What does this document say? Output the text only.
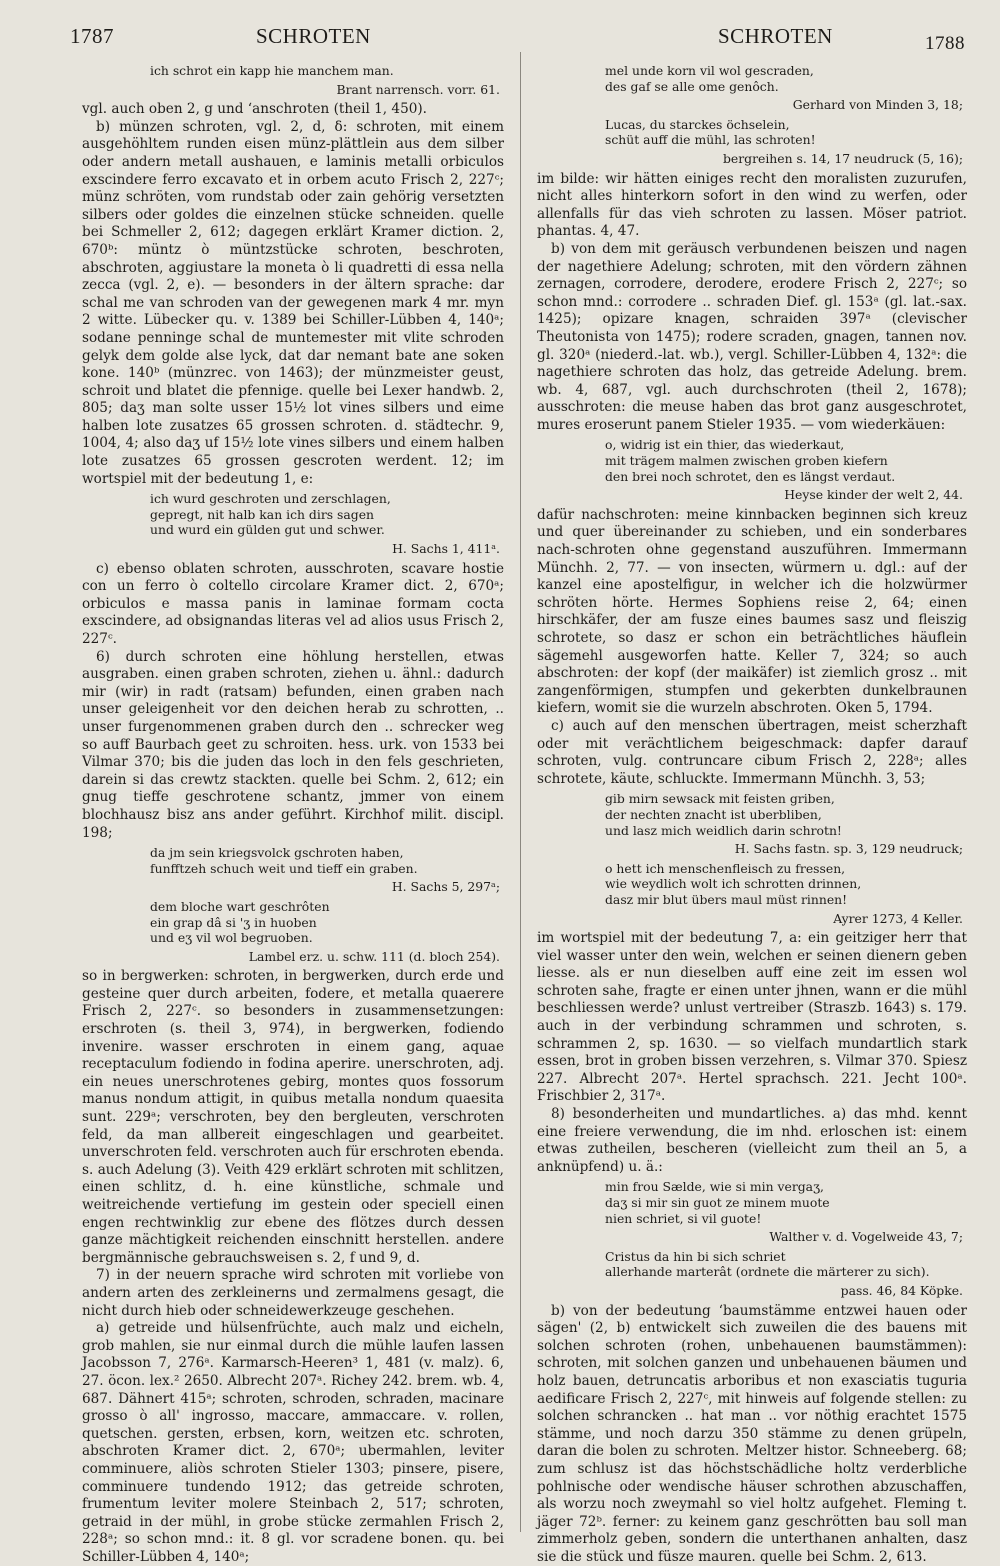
1787	SCHROTEN	SCHROTEN	1788
ich schrot ein kapp hie manchem man.
Brant narrensch. vorr. 61.

vgl. auch oben 2, g und ʻanschroten (theil 1, 450).

b) münzen schroten, vgl. 2, d, δ: schroten, mit einem ausgehöhltem runden eisen münz-plättlein aus dem silber oder andern metall aushauen, e laminis metalli orbiculos exscindere ferro excavato et in orbem acuto Frisch 2, 227ᶜ; münz schröten, vom rundstab oder zain gehörig versetzten silbers oder goldes die einzelnen stücke schneiden. quelle bei Schmeller 2, 612; dagegen erklärt Kramer diction. 2, 670ᵇ: müntz ò müntzstücke schroten, beschroten, abschroten, aggiustare la moneta ò li quadretti di essa nella zecca (vgl. 2, e). — besonders in der ältern sprache: dar schal me van schroden van der gewegenen mark 4 mr. myn 2 witte. Lübecker qu. v. 1389 bei Schiller-Lübben 4, 140ᵃ; sodane penninge schal de muntemester mit vlite schroden gelyk dem golde alse lyck, dat dar nemant bate ane soken kone. 140ᵇ (münzrec. von 1463); der münzmeister geust, schroit und blatet die pfennige. quelle bei Lexer handwb. 2, 805; daʒ man solte usser 15½ lot vines silbers und eime halben lote zusatzes 65 grossen schroten. d. städtechr. 9, 1004, 4; also daʒ uf 15½ lote vines silbers und einem halben lote zusatzes 65 grossen gescroten werdent. 12; im wortspiel mit der bedeutung 1, e:

ich wurd geschroten und zerschlagen,
gepregt, nit halb kan ich dirs sagen
und wurd ein gülden gut und schwer.
H. Sachs 1, 411ᵃ.

c) ebenso oblaten schroten, ausschroten, scavare hostie con un ferro ò coltello circolare Kramer dict. 2, 670ᵃ; orbiculos e massa panis in laminae formam cocta exscindere, ad obsignandas literas vel ad alios usus Frisch 2, 227ᶜ.

6) durch schroten eine höhlung herstellen, etwas ausgraben. einen graben schroten, ziehen u. ähnl.: dadurch mir (wir) in radt (ratsam) befunden, einen graben nach unser geleigenheit vor den deichen herab zu schrotten, .. unser furgenommenen graben durch den .. schrecker weg so auff Baurbach geet zu schroiten. hess. urk. von 1533 bei Vilmar 370; bis die juden das loch in den fels geschrieten, darein si das crewtz stackten. quelle bei Schm. 2, 612; ein gnug tieffe geschrotene schantz, jmmer von einem blochhausz bisz ans ander geführt. Kirchhof milit. discipl. 198;

da jm sein kriegsvolck gschroten haben,
funfftzeh schuch weit und tieff ein graben.
H. Sachs 5, 297ᵃ;
dem bloche wart geschrôten
ein grap dâ si 'ʒ in huoben
und eʒ vil wol begruoben.
Lambel erz. u. schw. 111 (d. bloch 254).

so in bergwerken: schroten, in bergwerken, durch erde und gesteine quer durch arbeiten, fodere, et metalla quaerere Frisch 2, 227ᶜ. so besonders in zusammensetzungen: erschroten (s. theil 3, 974), in bergwerken, fodiendo invenire. wasser erschroten in einem gang, aquae receptaculum fodiendo in fodina aperire. unerschroten, adj. ein neues unerschrotenes gebirg, montes quos fossorum manus nondum attigit, in quibus metalla nondum quaesita sunt. 229ᵃ; verschroten, bey den bergleuten, verschroten feld, da man allbereit eingeschlagen und gearbeitet. unverschroten feld. verschroten auch für erschroten ebenda. s. auch Adelung (3). Veith 429 erklärt schroten mit schlitzen, einen schlitz, d. h. eine künstliche, schmale und weitreichende vertiefung im gestein oder speciell einen engen rechtwinklig zur ebene des flötzes durch dessen ganze mächtigkeit reichenden einschnitt herstellen. andere bergmännische gebrauchsweisen s. 2, f und 9, d.

7) in der neuern sprache wird schroten mit vorliebe von andern arten des zerkleinerns und zermalmens gesagt, die nicht durch hieb oder schneidewerkzeuge geschehen.

a) getreide und hülsenfrüchte, auch malz und eicheln, grob mahlen, sie nur einmal durch die mühle laufen lassen Jacobsson 7, 276ᵃ. Karmarsch-Heeren³ 1, 481 (v. malz). 6, 27. öcon. lex.² 2650. Albrecht 207ᵃ. Richey 242. brem. wb. 4, 687. Dähnert 415ᵃ; schroten, schroden, schraden, macinare grosso ò all' ingrosso, maccare, ammaccare. v. rollen, quetschen. gersten, erbsen, korn, weitzen etc. schroten, abschroten Kramer dict. 2, 670ᵃ; ubermahlen, leviter comminuere, aliòs schroten Stieler 1303; pinsere, pisere, comminuere tundendo 1912; das getreide schroten, frumentum leviter molere Steinbach 2, 517; schroten, getraid in der mühl, in grobe stücke zermahlen Frisch 2, 228ᵃ; so schon mnd.: it. 8 gl. vor scradene bonen. qu. bei Schiller-Lübben 4, 140ᵃ;

mel unde korn vil wol gescraden,
des gaf se alle ome genôch.
Gerhard von Minden 3, 18;
Lucas, du starckes öchselein,
schüt auff die mühl, las schroten!
bergreihen s. 14, 17 neudruck (5, 16);

im bilde: wir hätten einiges recht den moralisten zuzurufen, nicht alles hinterkorn sofort in den wind zu werfen, oder allenfalls für das vieh schroten zu lassen. Möser patriot. phantas. 4, 47.

b) von dem mit geräusch verbundenen beiszen und nagen der nagethiere Adelung; schroten, mit den vördern zähnen zernagen, corrodere, derodere, erodere Frisch 2, 227ᶜ; so schon mnd.: corrodere .. schraden Dief. gl. 153ᵃ (gl. lat.-sax. 1425); opizare knagen, schraiden 397ᵃ (clevischer Theutonista von 1475); rodere scraden, gnagen, tannen nov. gl. 320ᵃ (niederd.-lat. wb.), vergl. Schiller-Lübben 4, 132ᵃ: die nagethiere schroten das holz, das getreide Adelung. brem. wb. 4, 687, vgl. auch durchschroten (theil 2, 1678); ausschroten: die meuse haben das brot ganz ausgeschrotet, mures eroserunt panem Stieler 1935. — vom wiederkäuen:

o, widrig ist ein thier, das wiederkaut,
mit trägem malmen zwischen groben kiefern
den brei noch schrotet, den es längst verdaut.
Heyse kinder der welt 2, 44.

dafür nachschroten: meine kinnbacken beginnen sich kreuz und quer übereinander zu schieben, und ein sonderbares nach-schroten ohne gegenstand auszuführen. Immermann Münchh. 2, 77. — von insecten, würmern u. dgl.: auf der kanzel eine apostelfigur, in welcher ich die holzwürmer schröten hörte. Hermes Sophiens reise 2, 64; einen hirschkäfer, der am fusze eines baumes sasz und fleiszig schrotete, so dasz er schon ein beträchtliches häuflein sägemehl ausgeworfen hatte. Keller 7, 324; so auch abschroten: der kopf (der maikäfer) ist ziemlich grosz .. mit zangenförmigen, stumpfen und gekerbten dunkelbraunen kiefern, womit sie die wurzeln abschroten. Oken 5, 1794.

c) auch auf den menschen übertragen, meist scherzhaft oder mit verächtlichem beigeschmack: dapfer darauf schroten, vulg. contruncare cibum Frisch 2, 228ᵃ; alles schrotete, käute, schluckte. Immermann Münchh. 3, 53;

gib mirn sewsack mit feisten griben,
der nechten znacht ist uberbliben,
und lasz mich weidlich darin schrotn!
H. Sachs fastn. sp. 3, 129 neudruck;
o hett ich menschenfleisch zu fressen,
wie weydlich wolt ich schrotten drinnen,
dasz mir blut übers maul müst rinnen!
Ayrer 1273, 4 Keller.

im wortspiel mit der bedeutung 7, a: ein geitziger herr that viel wasser unter den wein, welchen er seinen dienern geben liesse. als er nun dieselben auff eine zeit im essen wol schroten sahe, fragte er einen unter jhnen, wann er die mühl beschliessen werde? unlust vertreiber (Straszb. 1643) s. 179. auch in der verbindung schrammen und schroten, s. schrammen 2, sp. 1630. — so vielfach mundartlich stark essen, brot in groben bissen verzehren, s. Vilmar 370. Spiesz 227. Albrecht 207ᵃ. Hertel sprachsch. 221. Jecht 100ᵃ. Frischbier 2, 317ᵃ.

8) besonderheiten und mundartliches. a) das mhd. kennt eine freiere verwendung, die im nhd. erloschen ist: einem etwas zutheilen, bescheren (vielleicht zum theil an 5, a anknüpfend) u. ä.:

min frou Sælde, wie si min vergaʒ,
daʒ si mir sin guot ze minem muote
nien schriet, si vil guote!
Walther v. d. Vogelweide 43, 7;
Cristus da hin bi sich schriet
allerhande marterât (ordnete die märterer zu sich).
pass. 46, 84 Köpke.

b) von der bedeutung ʻbaumstämme entzwei hauen oder sägen' (2, b) entwickelt sich zuweilen die des bauens mit solchen schroten (rohen, unbehauenen baumstämmen): schroten, mit solchen ganzen und unbehauenen bäumen und holz bauen, detruncatis arboribus et non exasciatis tuguria aedificare Frisch 2, 227ᶜ, mit hinweis auf folgende stellen: zu solchen schrancken .. hat man .. vor nöthig erachtet 1575 stämme, und noch darzu 350 stämme zu denen grüpeln, daran die bolen zu schroten. Meltzer histor. Schneeberg. 68; zum schlusz ist das höchstschädliche holtz verderbliche pohlnische oder wendische häuser schrothen abzuschaffen, als worzu noch zweymahl so viel holtz aufgehet. Fleming t. jäger 72ᵇ. ferner: zu keinem ganz geschrötten bau soll man zimmerholz geben, sondern die unterthanen anhalten, dasz sie die stück und füsze mauren. quelle bei Schm. 2, 613.
